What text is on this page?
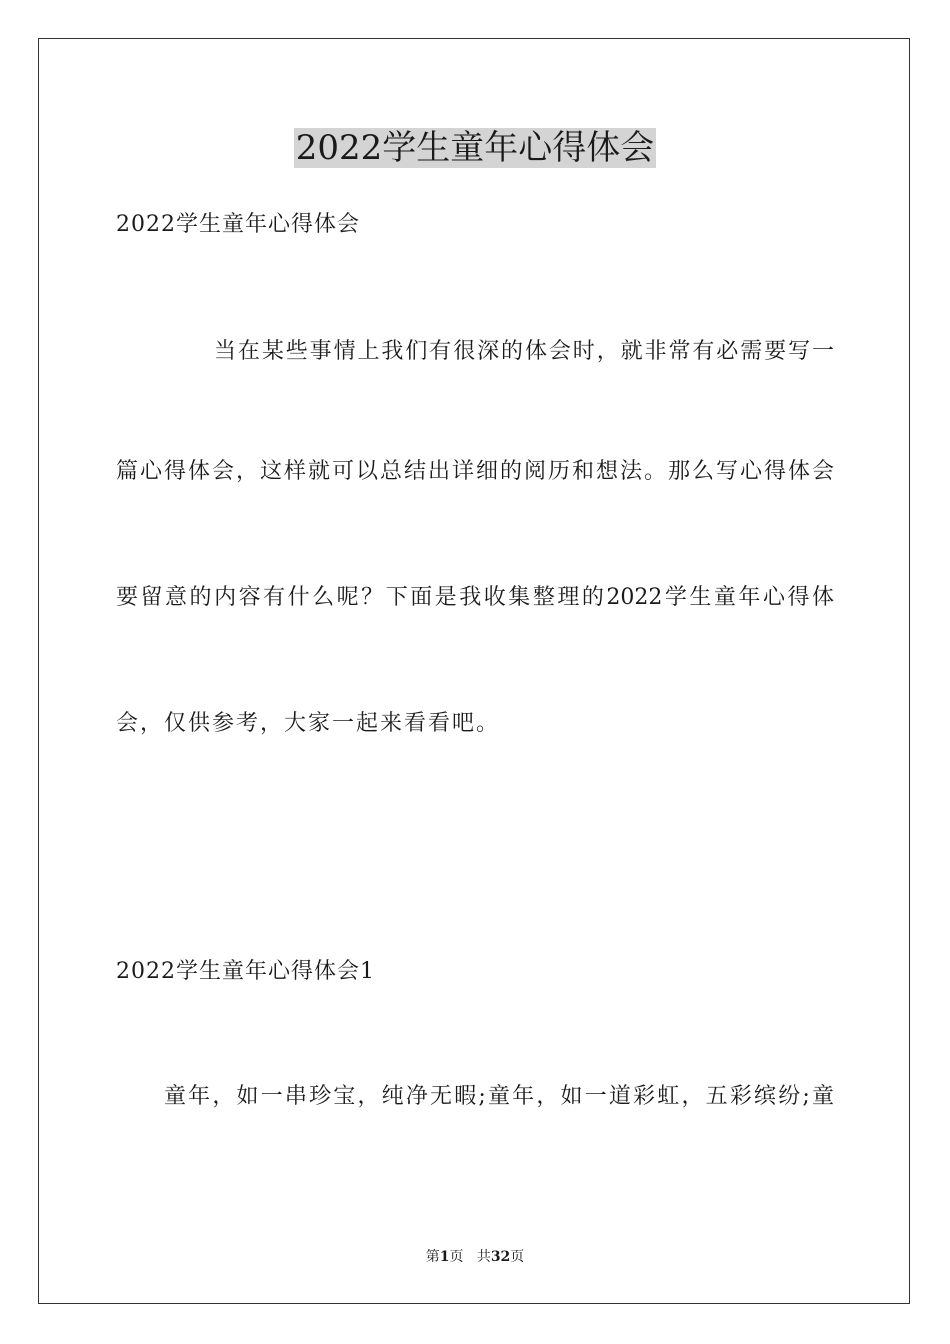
2022学生童年心得体会
2022学生童年心得体会
当在某些事情上我们有很深的体会时，就非常有必需要写一
篇心得体会，这样就可以总结出详细的阅历和想法。那么写心得体会
要留意的内容有什么呢？下面是我收集整理的2022学生童年心得体
会，仅供参考，大家一起来看看吧。
2022学生童年心得体会1
童年，如一串珍宝，纯净无暇;童年，如一道彩虹，五彩缤纷;童
第1页 共32页
